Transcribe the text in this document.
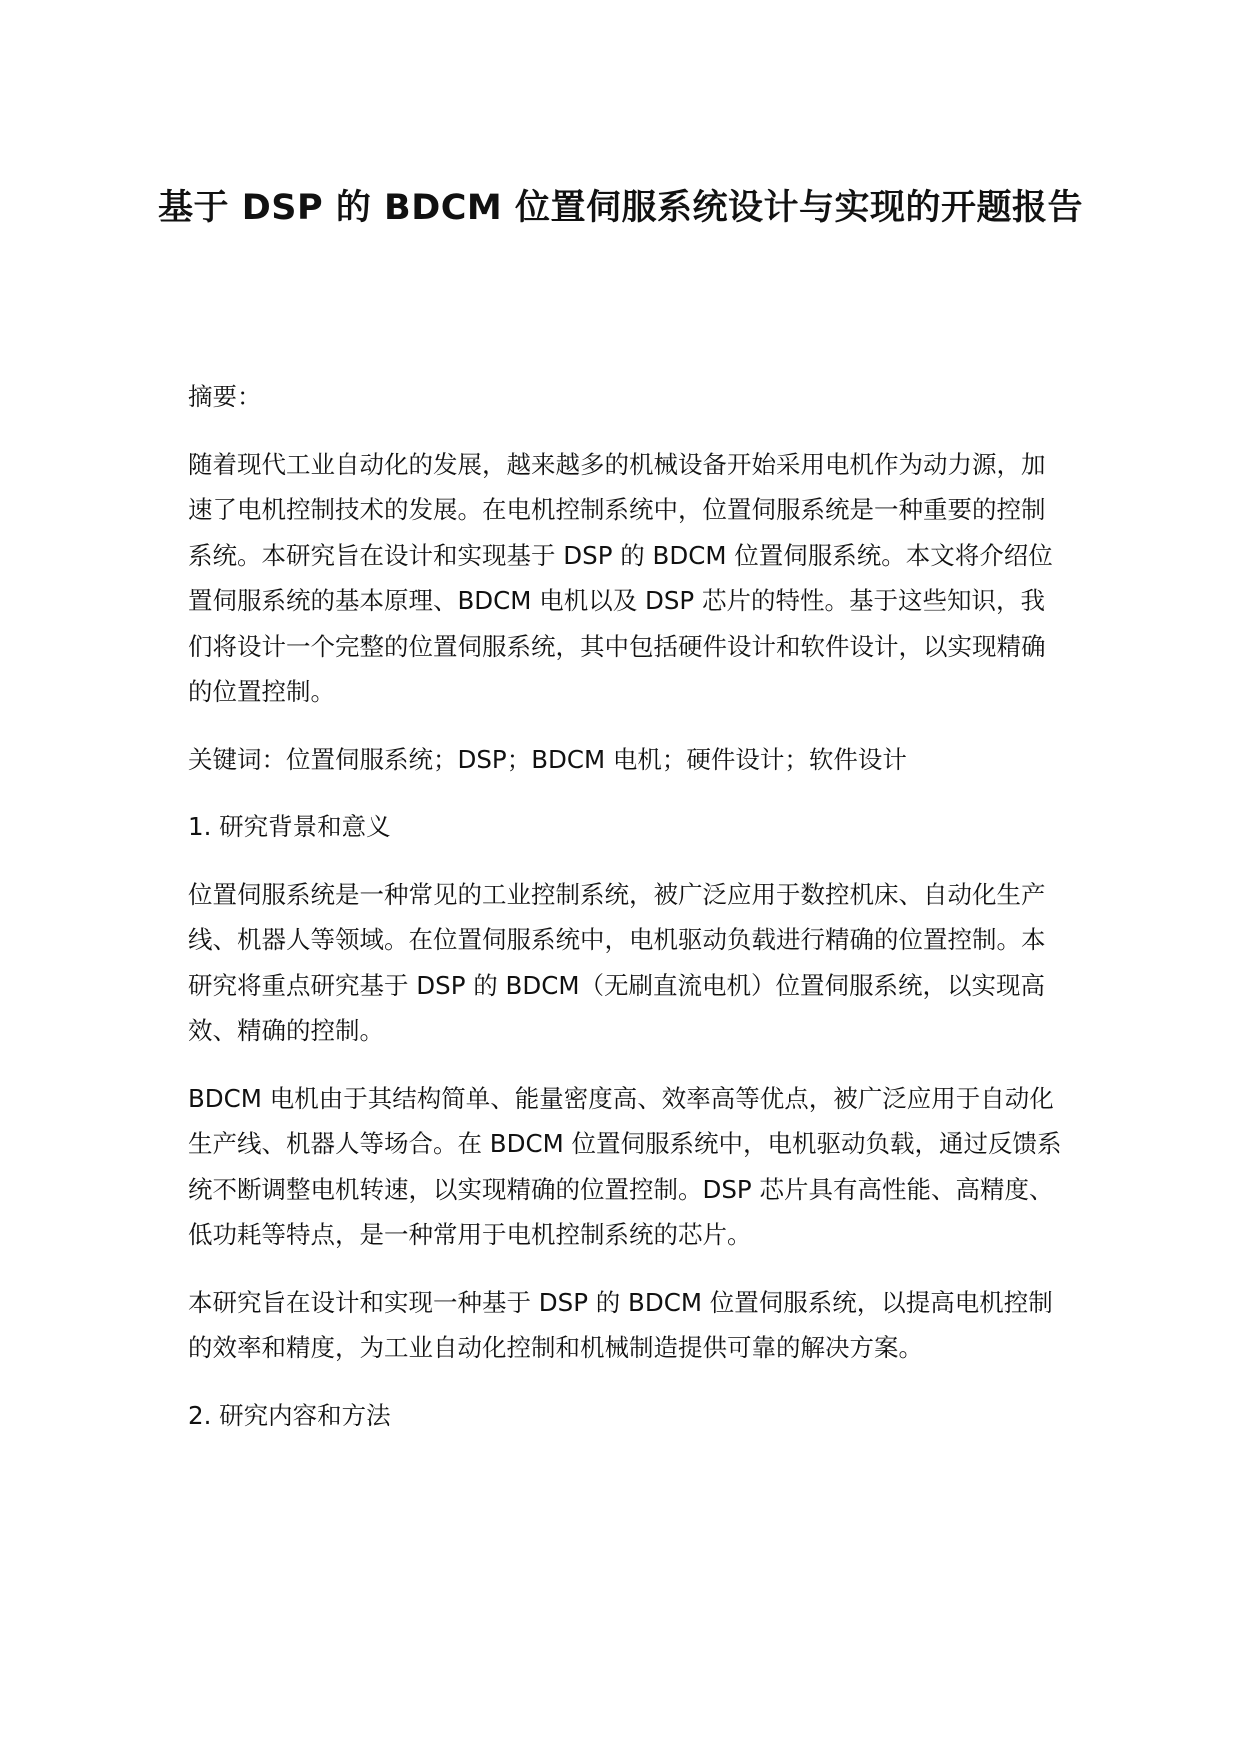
基于 DSP 的 BDCM 位置伺服系统设计与实现的开题报告

摘要：

随着现代工业自动化的发展，越来越多的机械设备开始采用电机作为动力源，加速了电机控制技术的发展。在电机控制系统中，位置伺服系统是一种重要的控制系统。本研究旨在设计和实现基于 DSP 的 BDCM 位置伺服系统。本文将介绍位置伺服系统的基本原理、BDCM 电机以及 DSP 芯片的特性。基于这些知识，我们将设计一个完整的位置伺服系统，其中包括硬件设计和软件设计，以实现精确的位置控制。

关键词：位置伺服系统；DSP；BDCM 电机；硬件设计；软件设计

1. 研究背景和意义

位置伺服系统是一种常见的工业控制系统，被广泛应用于数控机床、自动化生产线、机器人等领域。在位置伺服系统中，电机驱动负载进行精确的位置控制。本研究将重点研究基于 DSP 的 BDCM（无刷直流电机）位置伺服系统，以实现高效、精确的控制。

BDCM 电机由于其结构简单、能量密度高、效率高等优点，被广泛应用于自动化生产线、机器人等场合。在 BDCM 位置伺服系统中，电机驱动负载，通过反馈系统不断调整电机转速，以实现精确的位置控制。DSP 芯片具有高性能、高精度、低功耗等特点，是一种常用于电机控制系统的芯片。

本研究旨在设计和实现一种基于 DSP 的 BDCM 位置伺服系统，以提高电机控制的效率和精度，为工业自动化控制和机械制造提供可靠的解决方案。

2. 研究内容和方法
